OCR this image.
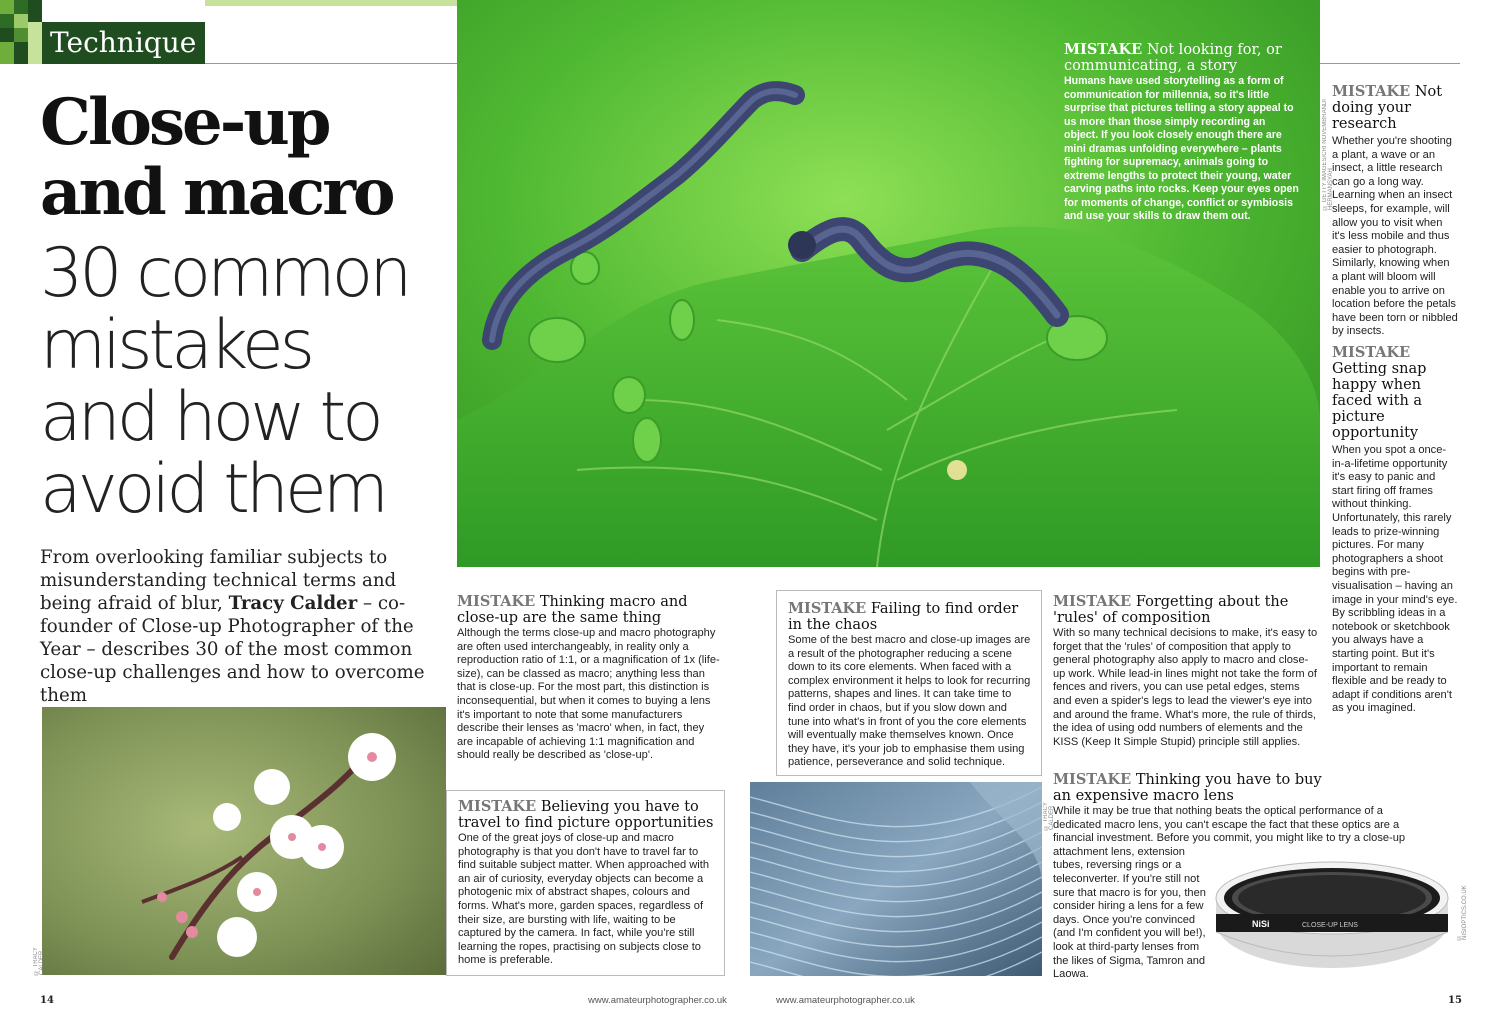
Technique
Close-up
and macro
30 common
mistakes
and how to
avoid them
From overlooking familiar subjects to misunderstanding technical terms and being afraid of blur, Tracy Calder – co-founder of Close-up Photographer of the Year – describes 30 of the most common close-up challenges and how to overcome them
© GETTY IMAGES/CRI NOVEMBRANDI HERMANSYAH
MISTAKE Not looking for, or communicating, a story
Humans have used storytelling as a form of communication for millennia, so it's little surprise that pictures telling a story appeal to us more than those simply recording an object. If you look closely enough there are mini dramas unfolding everywhere – plants fighting for supremacy, animals going to extreme lengths to protect their young, water carving paths into rocks. Keep your eyes open for moments of change, conflict or symbiosis and use your skills to draw them out.
MISTAKE Not doing your research
Whether you're shooting a plant, a wave or an insect, a little research can go a long way. Learning when an insect sleeps, for example, will allow you to visit when it's less mobile and thus easier to photograph. Similarly, knowing when a plant will bloom will enable you to arrive on location before the petals have been torn or nibbled by insects.
MISTAKE Getting snap happy when faced with a picture opportunity
When you spot a once-in-a-lifetime opportunity it's easy to panic and start firing off frames without thinking. Unfortunately, this rarely leads to prize-winning pictures. For many photographers a shoot begins with pre-visualisation – having an image in your mind's eye. By scribbling ideas in a notebook or sketchbook you always have a starting point. But it's important to remain flexible and be ready to adapt if conditions aren't as you imagined.
© TRACY CALDER
MISTAKE Thinking macro and close-up are the same thing
Although the terms close-up and macro photography are often used interchangeably, in reality only a reproduction ratio of 1:1, or a magnification of 1x (life-size), can be classed as macro; anything less than that is close-up. For the most part, this distinction is inconsequential, but when it comes to buying a lens it's important to note that some manufacturers describe their lenses as 'macro' when, in fact, they are incapable of achieving 1:1 magnification and should really be described as 'close-up'.
MISTAKE Believing you have to travel to find picture opportunities
One of the great joys of close-up and macro photography is that you don't have to travel far to find suitable subject matter. When approached with an air of curiosity, everyday objects can become a photogenic mix of abstract shapes, colours and forms. What's more, garden spaces, regardless of their size, are bursting with life, waiting to be captured by the camera. In fact, while you're still learning the ropes, practising on subjects close to home is preferable.
MISTAKE Failing to find order in the chaos
Some of the best macro and close-up images are a result of the photographer reducing a scene down to its core elements. When faced with a complex environment it helps to look for recurring patterns, shapes and lines. It can take time to find order in chaos, but if you slow down and tune into what's in front of you the core elements will eventually make themselves known. Once they have, it's your job to emphasise them using patience, perseverance and solid technique.
© TRACY CALDER
MISTAKE Forgetting about the 'rules' of composition
With so many technical decisions to make, it's easy to forget that the 'rules' of composition that apply to general photography also apply to macro and close-up work. While lead-in lines might not take the form of fences and rivers, you can use petal edges, stems and even a spider's legs to lead the viewer's eye into and around the frame. What's more, the rule of thirds, the idea of using odd numbers of elements and the KISS (Keep It Simple Stupid) principle still applies.
MISTAKE Thinking you have to buy an expensive macro lens
While it may be true that nothing beats the optical performance of a dedicated macro lens, you can't escape the fact that these optics are a financial investment. Before you commit, you might like to try a close-up
attachment lens, extension tubes, reversing rings or a teleconverter. If you're still not sure that macro is for you, then consider hiring a lens for a few days. Once you're convinced (and I'm confident you will be!), look at third-party lenses from the likes of Sigma, Tamron and Laowa.
NiSi	CLOSE-UP LENS
© NISIOPTICS.CO.UK
14	www.amateurphotographer.co.uk	www.amateurphotographer.co.uk	15
